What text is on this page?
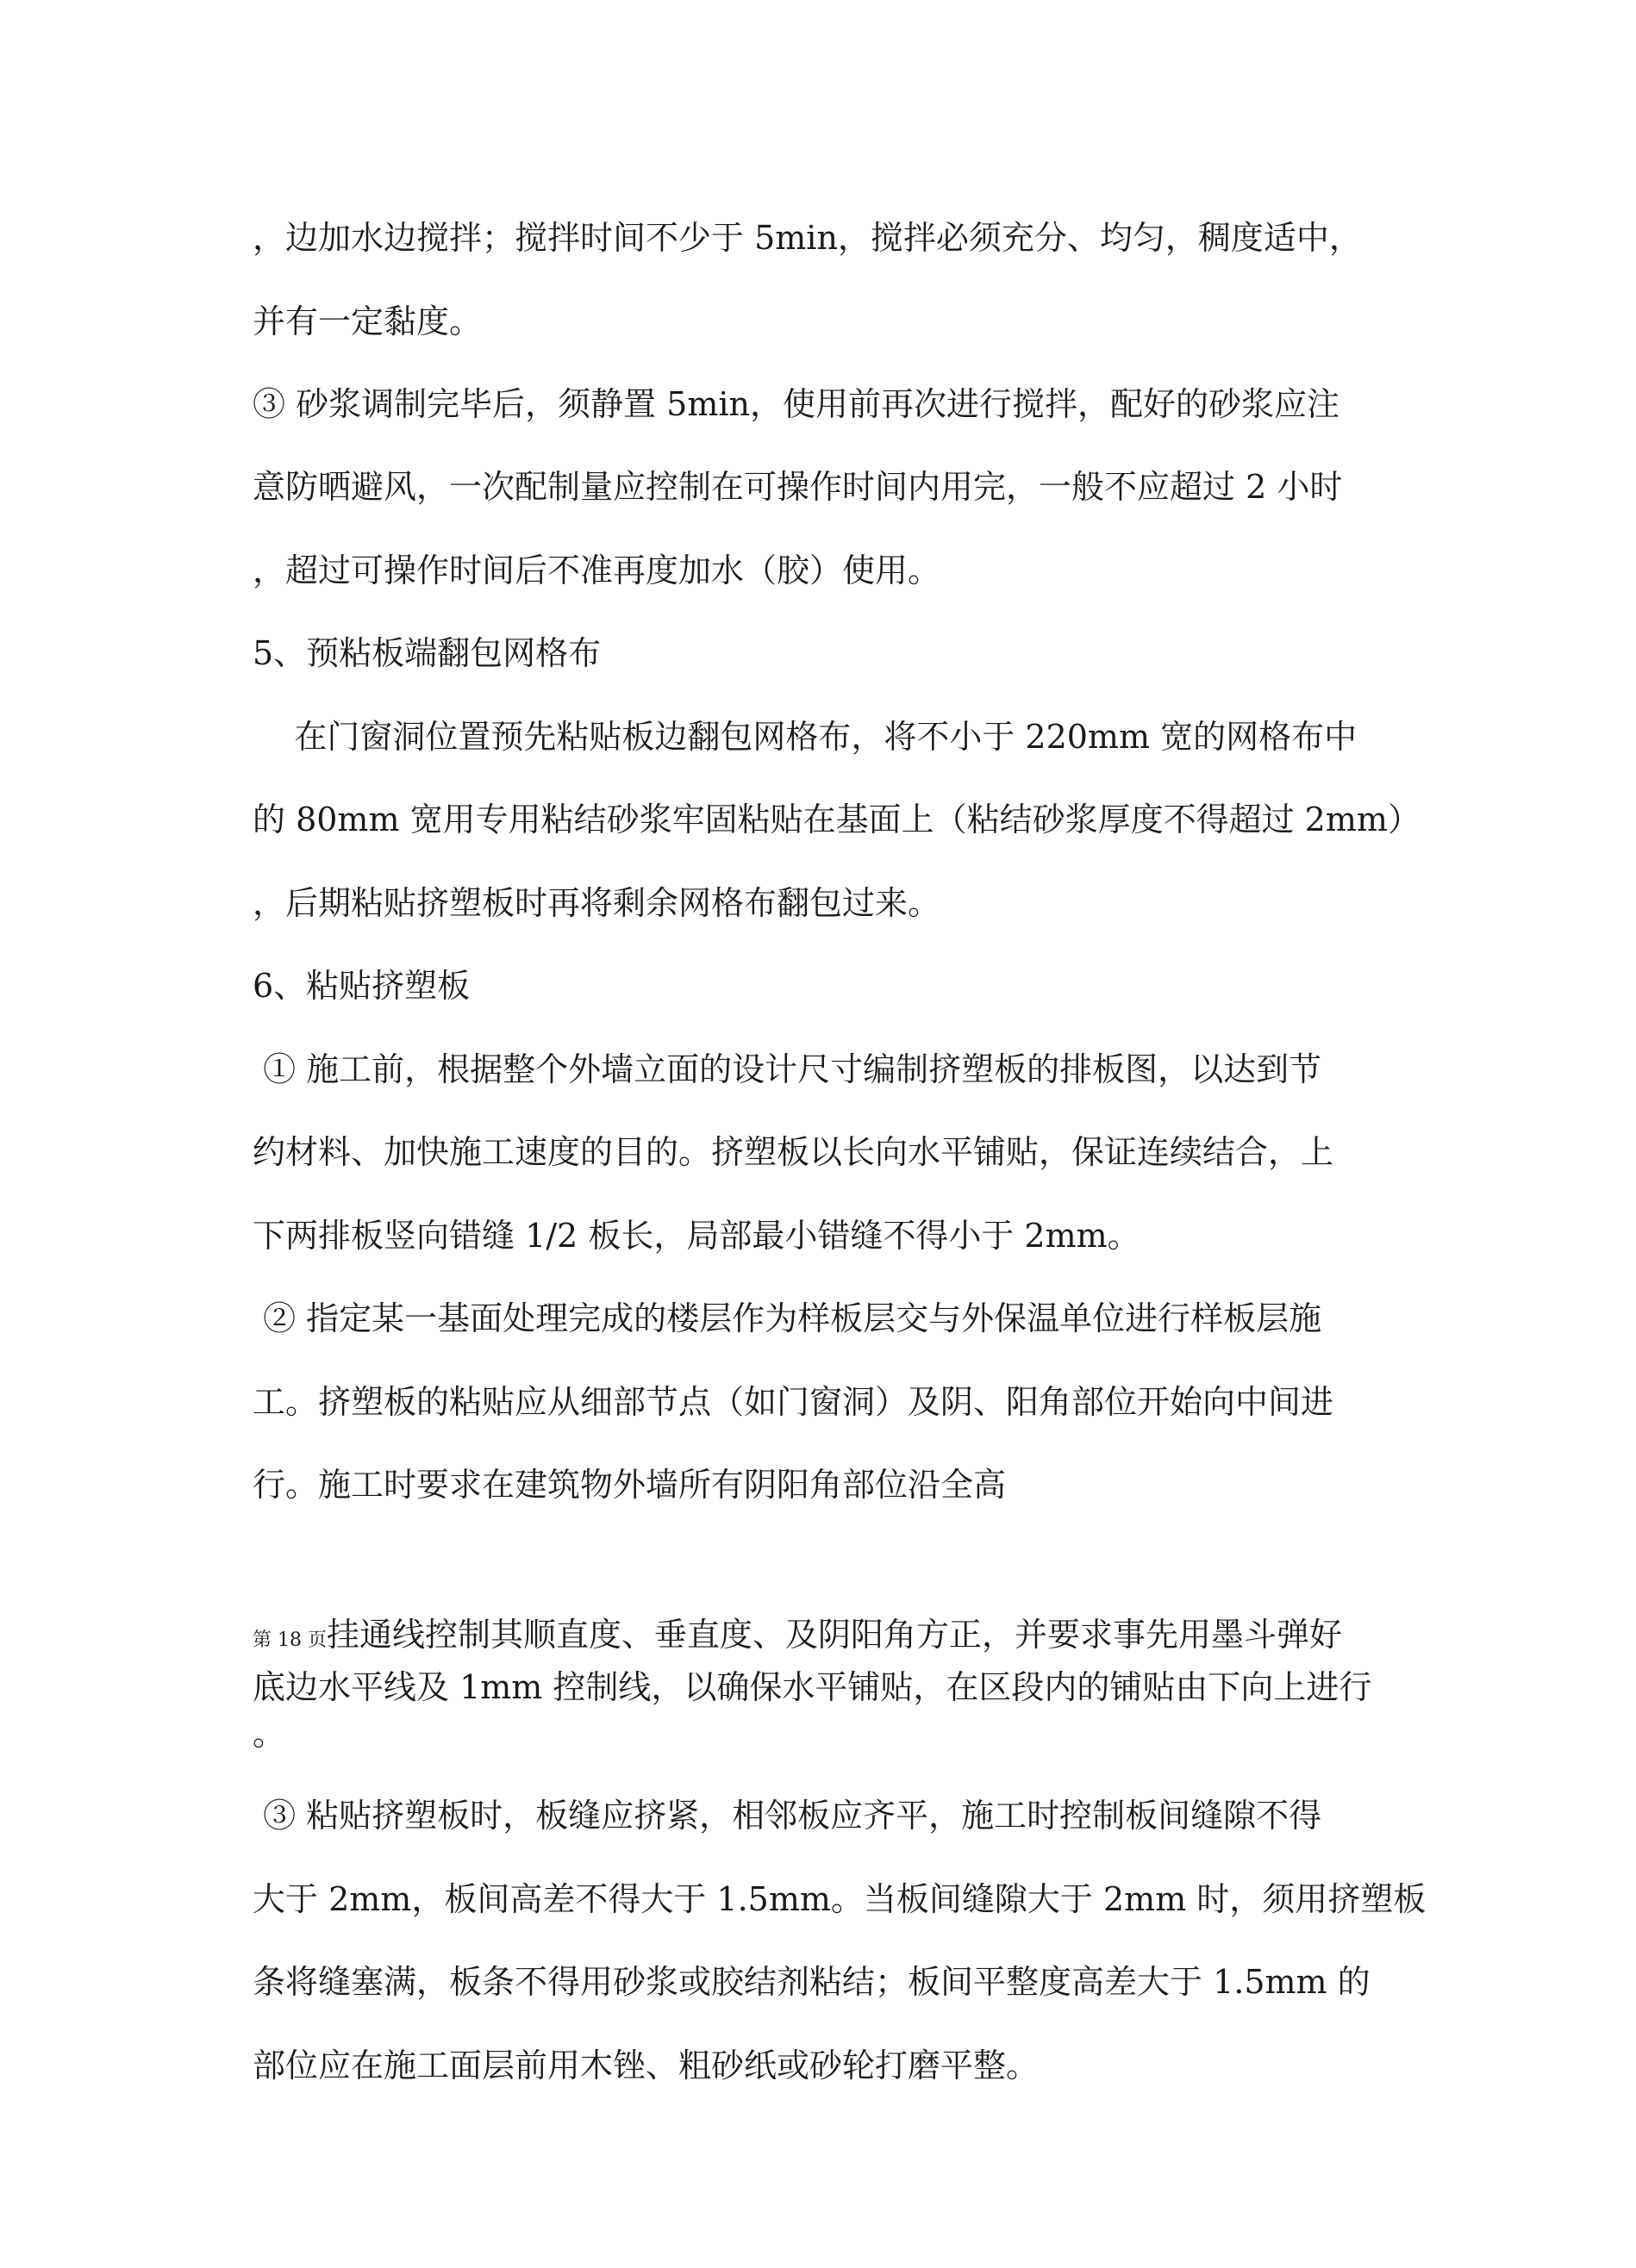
，边加水边搅拌；搅拌时间不少于 5min，搅拌必须充分、均匀，稠度适中，
并有一定黏度。
③ 砂浆调制完毕后，须静置 5min，使用前再次进行搅拌，配好的砂浆应注
意防晒避风，一次配制量应控制在可操作时间内用完，一般不应超过 2 小时
，超过可操作时间后不准再度加水（胶）使用。
5、预粘板端翻包网格布
在门窗洞位置预先粘贴板边翻包网格布，将不小于 220mm 宽的网格布中
的 80mm 宽用专用粘结砂浆牢固粘贴在基面上（粘结砂浆厚度不得超过 2mm）
，后期粘贴挤塑板时再将剩余网格布翻包过来。
6、粘贴挤塑板
① 施工前，根据整个外墙立面的设计尺寸编制挤塑板的排板图，以达到节
约材料、加快施工速度的目的。挤塑板以长向水平铺贴，保证连续结合，上
下两排板竖向错缝 1/2 板长，局部最小错缝不得小于 2mm。
② 指定某一基面处理完成的楼层作为样板层交与外保温单位进行样板层施
工。挤塑板的粘贴应从细部节点（如门窗洞）及阴、阳角部位开始向中间进
行。施工时要求在建筑物外墙所有阴阳角部位沿全高
第 18 页挂通线控制其顺直度、垂直度、及阴阳角方正，并要求事先用墨斗弹好
底边水平线及 1mm 控制线，以确保水平铺贴，在区段内的铺贴由下向上进行
。
③ 粘贴挤塑板时，板缝应挤紧，相邻板应齐平，施工时控制板间缝隙不得
大于 2mm，板间高差不得大于 1.5mm。当板间缝隙大于 2mm 时，须用挤塑板
条将缝塞满，板条不得用砂浆或胶结剂粘结；板间平整度高差大于 1.5mm 的
部位应在施工面层前用木锉、粗砂纸或砂轮打磨平整。
